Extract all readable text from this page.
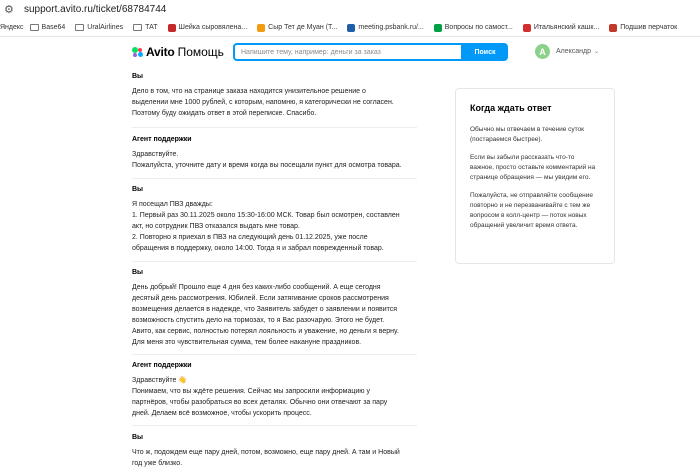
⚙ support.avito.ru/ticket/68784744
Яндекс	Base64	UralAirlines	ТАТ	Шейка сыровялена...	Сыр Тет де Муан (Т...	meeting.psbank.ru/...	Вопросы по самост...	Итальянский кашк...	Подшив перчаток
Avito Помощь
Напишите тему, например: деньги за заказ	Поиск	А	Александр ⌄
Вы
Дело в том, что на странице заказа находится унизительное решение о
выделении мне 1000 рублей, с которым, напомню, я категорически не согласен.
Поэтому буду ожидать ответ в этой переписке. Спасибо.
Агент поддержки
Здравствуйте.
Пожалуйста, уточните дату и время когда вы посещали пункт для осмотра товара.
Вы
Я посещал ПВЗ дважды:
1. Первый раз 30.11.2025 около 15:30-16:00 МСК. Товар был осмотрен, составлен
акт, но сотрудник ПВЗ отказался выдать мне товар.
2. Повторно я приехал в ПВЗ на следующий день 01.12.2025, уже после
обращения в поддержку, около 14:00. Тогда я и забрал поврежденный товар.
Вы
День добрый! Прошло еще 4 дня без каких-либо сообщений. А еще сегодня
десятый день рассмотрения. Юбилей. Если затягивание сроков рассмотрения
возмещения делается в надежде, что Заявитель забудет о заявлении и появится
возможность спустить дело на тормозах, то я Вас разочарую. Этого не будет.
Авито, как сервис, полностью потерял лояльность и уважение, но деньги я верну.
Для меня это чувствительная сумма, тем более накануне праздников.
Агент поддержки
Здравствуйте 👋
Понимаем, что вы ждёте решения. Сейчас мы запросили информацию у
партнёров, чтобы разобраться во всех деталях. Обычно они отвечают за пару
дней. Делаем всё возможное, чтобы ускорить процесс.
Вы
Что ж, подождем еще пару дней, потом, возможно, еще пару дней. А там и Новый
год уже близко.
Когда ждать ответ

Обычно мы отвечаем в течение суток (постараемся быстрее).

Если вы забыли рассказать что-то важное, просто оставьте комментарий на странице обращения — мы увидим его.

Пожалуйста, не отправляйте сообщение повторно и не перезванивайте с тем же вопросом в колл-центр — поток новых обращений увеличит время ответа.
